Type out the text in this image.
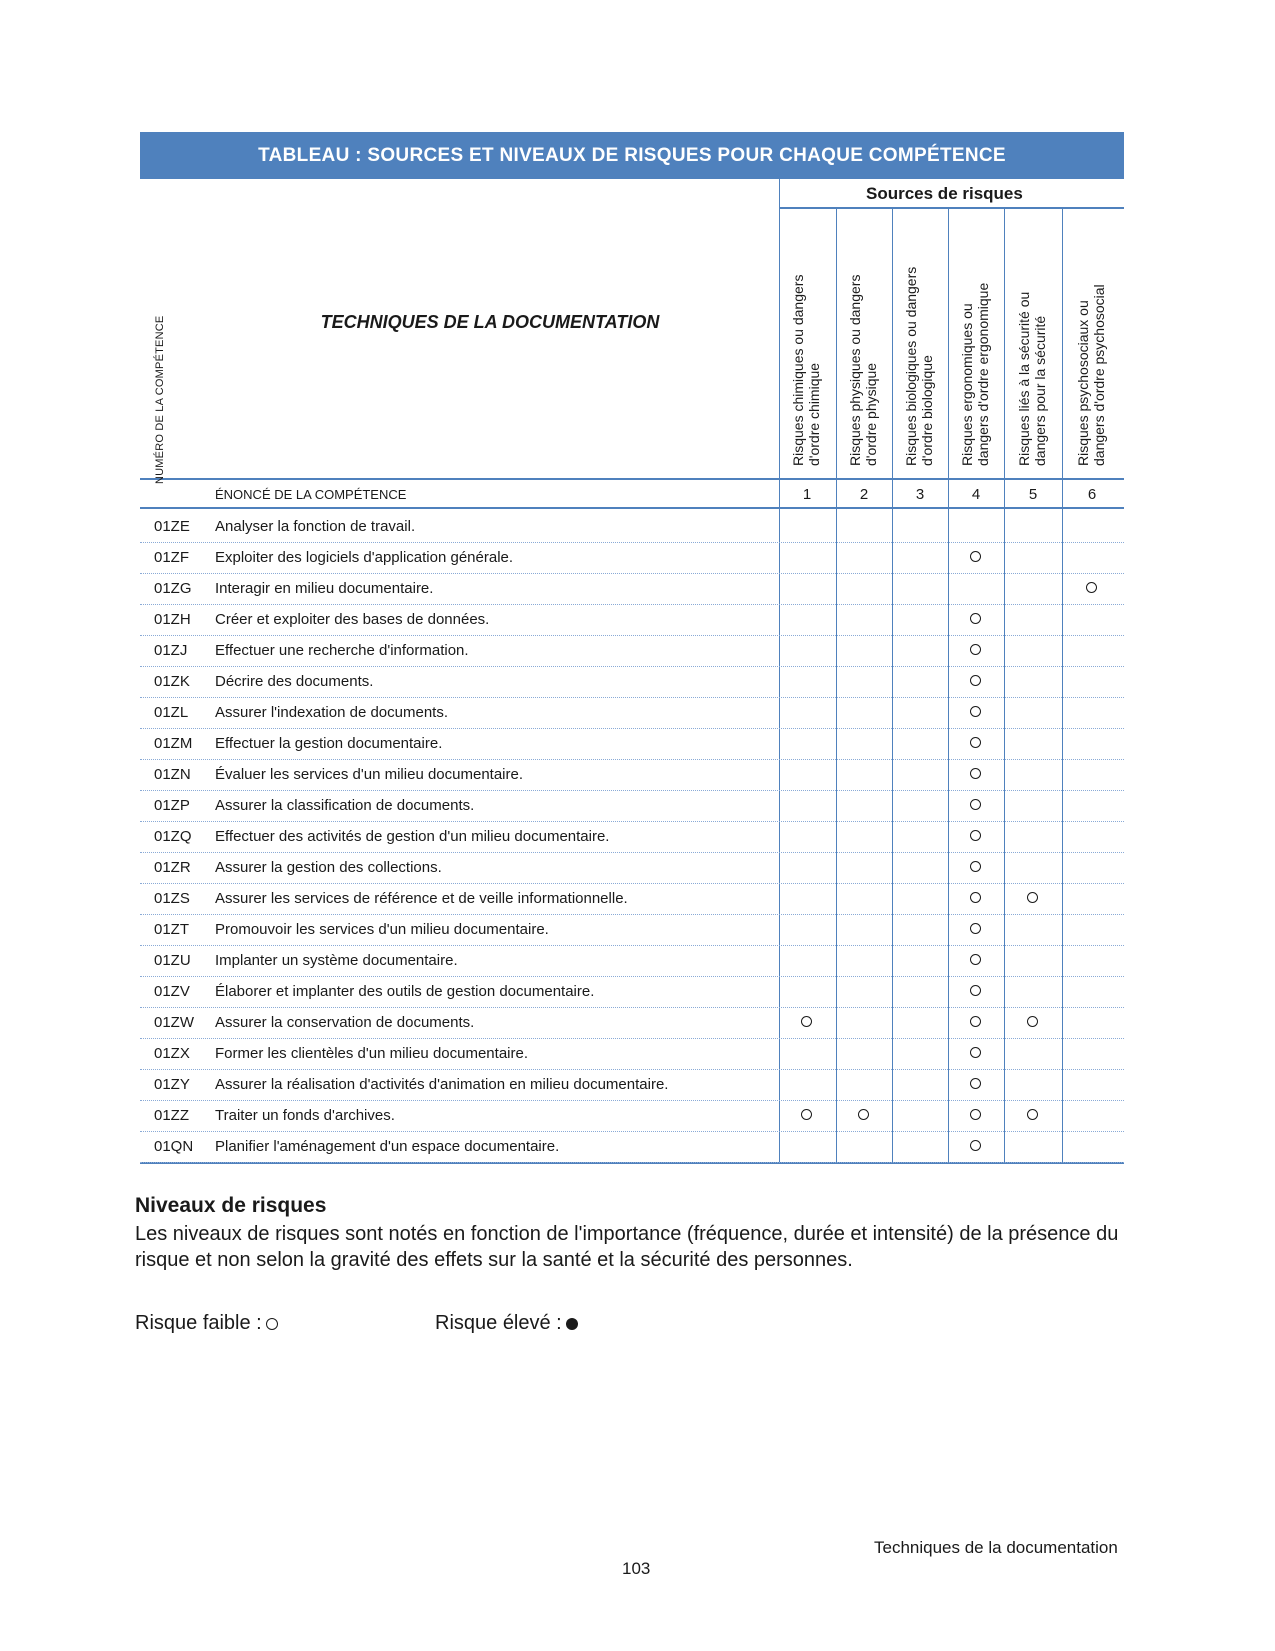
TABLEAU : SOURCES ET NIVEAUX DE RISQUES POUR CHAQUE COMPÉTENCE
Sources de risques
TECHNIQUES DE LA DOCUMENTATION
NUMÉRO DE LA COMPÉTENCE	Risques chimiques ou dangers d'ordre chimique
1
Risques physiques ou dangers d'ordre physique
2
Risques biologiques ou dangers d'ordre biologique
3
Risques ergonomiques ou dangers d'ordre ergonomique
4
Risques liés à la sécurité ou dangers pour la sécurité
5
Risques psychosociaux ou dangers d'ordre psychosocial
6
ÉNONCÉ DE LA COMPÉTENCE
01ZE Analyser la fonction de travail.
01ZF Exploiter des logiciels d'application générale.
01ZG Interagir en milieu documentaire.
01ZH Créer et exploiter des bases de données.
01ZJ Effectuer une recherche d'information.
01ZK Décrire des documents.
01ZL Assurer l'indexation de documents.
01ZM Effectuer la gestion documentaire.
01ZN Évaluer les services d'un milieu documentaire.
01ZP Assurer la classification de documents.
01ZQ Effectuer des activités de gestion d'un milieu documentaire.
01ZR Assurer la gestion des collections.
01ZS Assurer les services de référence et de veille informationnelle.
01ZT Promouvoir les services d'un milieu documentaire.
01ZU Implanter un système documentaire.
01ZV Élaborer et implanter des outils de gestion documentaire.
01ZW Assurer la conservation de documents.
01ZX Former les clientèles d'un milieu documentaire.
01ZY Assurer la réalisation d'activités d'animation en milieu documentaire.
01ZZ Traiter un fonds d'archives.
01QN Planifier l'aménagement d'un espace documentaire.
Niveaux de risques
Les niveaux de risques sont notés en fonction de l'importance (fréquence, durée et intensité) de la présence du risque et non selon la gravité des effets sur la santé et la sécurité des personnes.
Risque faible :	Risque élevé :
Techniques de la documentation
103
